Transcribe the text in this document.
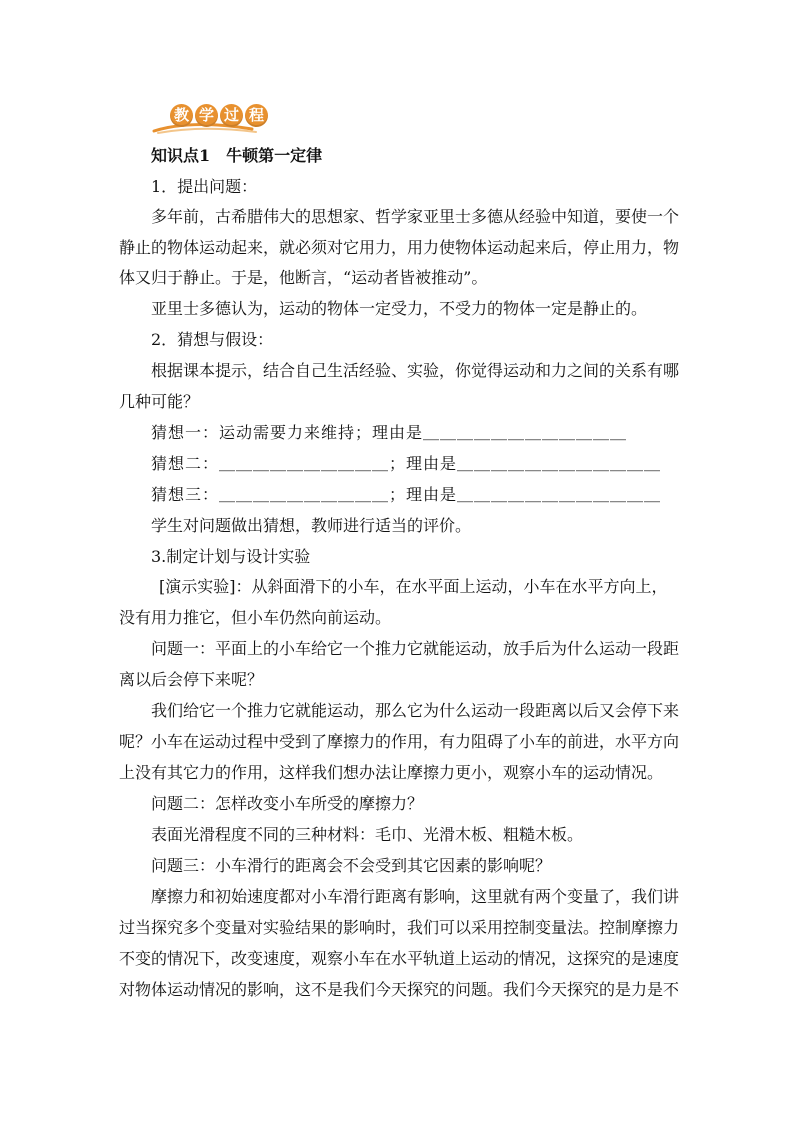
教 学 过 程
知识点1　牛顿第一定律
1．提出问题：
多年前，古希腊伟大的思想家、哲学家亚里士多德从经验中知道，要使一个
静止的物体运动起来，就必须对它用力，用力使物体运动起来后，停止用力，物
体又归于静止。于是，他断言，“运动者皆被推动”。
亚里士多德认为，运动的物体一定受力，不受力的物体一定是静止的。
2．猜想与假设：
根据课本提示，结合自己生活经验、实验，你觉得运动和力之间的关系有哪
几种可能？
猜想一：运动需要力来维持；理由是＿＿＿＿＿＿＿＿＿＿＿＿
猜想二：＿＿＿＿＿＿＿＿＿＿；理由是＿＿＿＿＿＿＿＿＿＿＿＿
猜想三：＿＿＿＿＿＿＿＿＿＿；理由是＿＿＿＿＿＿＿＿＿＿＿＿
学生对问题做出猜想，教师进行适当的评价。
3.制定计划与设计实验
[演示实验]：从斜面滑下的小车，在水平面上运动，小车在水平方向上，
没有用力推它，但小车仍然向前运动。
问题一：平面上的小车给它一个推力它就能运动，放手后为什么运动一段距
离以后会停下来呢？
我们给它一个推力它就能运动，那么它为什么运动一段距离以后又会停下来
呢？小车在运动过程中受到了摩擦力的作用，有力阻碍了小车的前进，水平方向
上没有其它力的作用，这样我们想办法让摩擦力更小，观察小车的运动情况。
问题二：怎样改变小车所受的摩擦力？
表面光滑程度不同的三种材料：毛巾、光滑木板、粗糙木板。
问题三：小车滑行的距离会不会受到其它因素的影响呢？
摩擦力和初始速度都对小车滑行距离有影响，这里就有两个变量了，我们讲
过当探究多个变量对实验结果的影响时，我们可以采用控制变量法。控制摩擦力
不变的情况下，改变速度，观察小车在水平轨道上运动的情况，这探究的是速度
对物体运动情况的影响，这不是我们今天探究的问题。我们今天探究的是力是不
